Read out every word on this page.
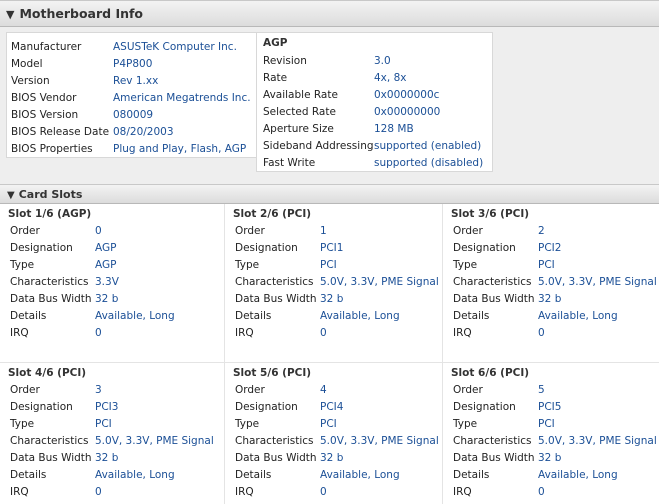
▼ Motherboard Info
Manufacturer	ASUSTeK Computer Inc.
Model	P4P800
Version	Rev 1.xx
BIOS Vendor	American Megatrends Inc.
BIOS Version	080009
BIOS Release Date 08/20/2003
BIOS Properties Plug and Play, Flash, AGP
AGP
Revision	3.0
Rate	4x, 8x
Available Rate	0x0000000c
Selected Rate	0x00000000
Aperture Size	128 MB
Sideband Addressing supported (enabled)
Fast Write	supported (disabled)
▼ Card Slots
Slot 1/6 (AGP)
Order	0
Designation AGP
Type	AGP
Characteristics 3.3V
Data Bus Width 32 b
Details	Available, Long
IRQ	0
Slot 2/6 (PCI)
Order	1
Designation PCI1
Type	PCI
Characteristics 5.0V, 3.3V, PME Signal
Data Bus Width 32 b
Details	Available, Long
IRQ	0
Slot 3/6 (PCI)
Order	2
Designation PCI2
Type	PCI
Characteristics 5.0V, 3.3V, PME Signal
Data Bus Width 32 b
Details	Available, Long
IRQ	0
Slot 4/6 (PCI)
Order	3
Designation PCI3
Type	PCI
Characteristics 5.0V, 3.3V, PME Signal
Data Bus Width 32 b
Details	Available, Long
IRQ	0
Slot 5/6 (PCI)
Order	4
Designation PCI4
Type	PCI
Characteristics 5.0V, 3.3V, PME Signal
Data Bus Width 32 b
Details	Available, Long
IRQ	0
Slot 6/6 (PCI)
Order	5
Designation PCI5
Type	PCI
Characteristics 5.0V, 3.3V, PME Signal
Data Bus Width 32 b
Details	Available, Long
IRQ	0
